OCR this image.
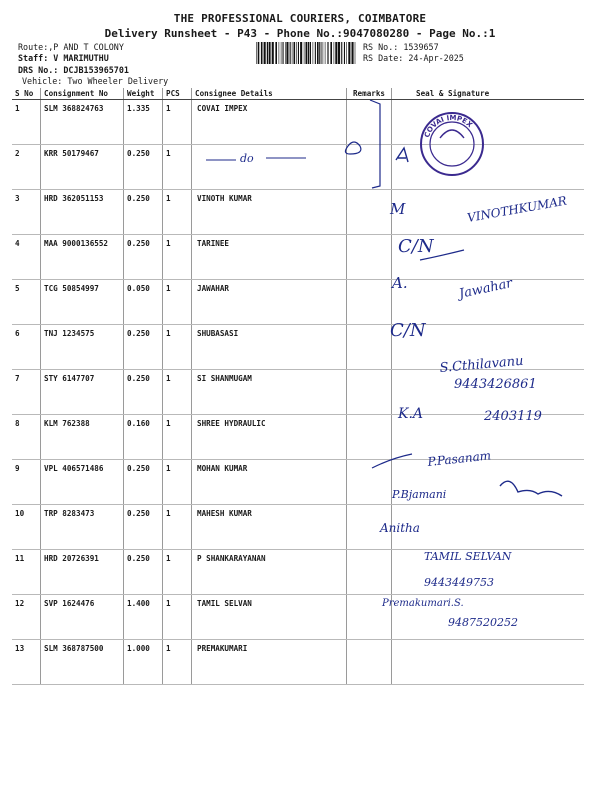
THE PROFESSIONAL COURIERS, COIMBATORE
Delivery Runsheet - P43 - Phone No.:9047080280 - Page No.:1
Route:,P AND T COLONY
Staff: V MARIMUTHU
DRS No.: DCJB153965701
Vehicle: Two Wheeler Delivery
RS No.: 1539657
RS Date: 24-Apr-2025
S No	Consignment No	Weight	PCS	Consignee Details	Remarks	Seal & Signature
1	SLM 368824763	1.335	1	COVAI IMPEX		
2	KRR 50179467	0.250	1			
3	HRD 362051153	0.250	1	VINOTH KUMAR		
4	MAA 9000136552	0.250	1	TARINEE		
5	TCG 50854997	0.050	1	JAWAHAR		
6	TNJ 1234575	0.250	1	SHUBASASI		
7	STY 6147707	0.250	1	SI SHANMUGAM		
8	KLM 762388	0.160	1	SHREE HYDRAULIC		
9	VPL 406571486	0.250	1	MOHAN KUMAR		
10	TRP 8283473	0.250	1	MAHESH KUMAR		
11	HRD 20726391	0.250	1	P SHANKARAYANAN		
12	SVP 1624476	1.400	1	TAMIL SELVAN		
13	SLM 368787500	1.000	1	PREMAKUMARI		
COVAI IMPEX
do
M	VINOTHKUMAR
C/N
A.	Jawahar
C/N
S.Cthilavanu
9443426861
K.A	2403119
P.Pasanam
P.Bjamani
Anitha
TAMIL SELVAN
9443449753
Premakumari.S.
9487520252
